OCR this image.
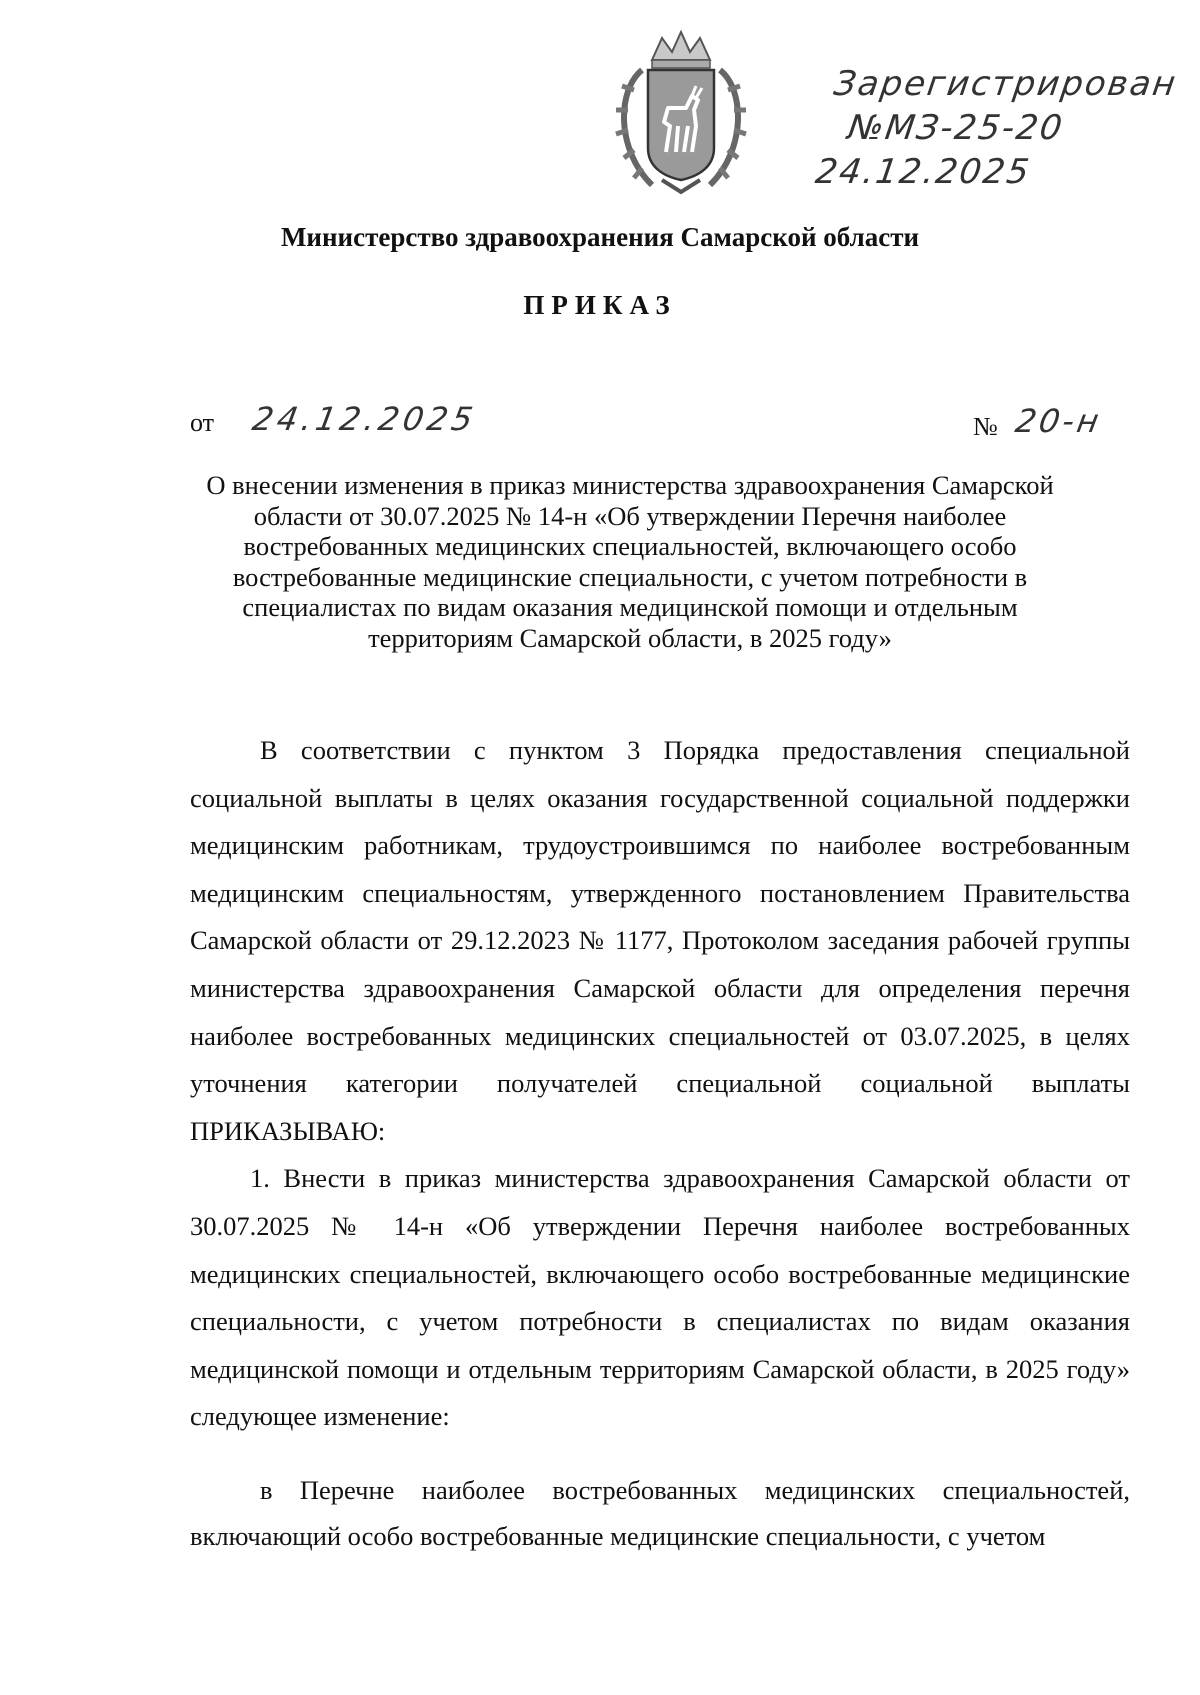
Зарегистрирован
№МЗ-25-20
24.12.2025
Министерство здравоохранения Самарской области
ПРИКАЗ
от 24.12.2025	№ 20-н
О внесении изменения в приказ министерства здравоохранения Самарской
области от 30.07.2025 № 14-н «Об утверждении Перечня наиболее
востребованных медицинских специальностей, включающего особо
востребованные медицинские специальности, с учетом потребности в
специалистах по видам оказания медицинской помощи и отдельным
территориям Самарской области, в 2025 году»

В соответствии с пунктом 3 Порядка предоставления специальной социальной выплаты в целях оказания государственной социальной поддержки медицинским работникам, трудоустроившимся по наиболее востребованным медицинским специальностям, утвержденного постановлением Правительства Самарской области от 29.12.2023 № 1177, Протоколом заседания рабочей группы министерства здравоохранения Самарской области для определения перечня наиболее востребованных медицинских специальностей от 03.07.2025, в целях уточнения категории получателей специальной социальной выплаты ПРИКАЗЫВАЮ:

1. Внести в приказ министерства здравоохранения Самарской области от 30.07.2025 № 14-н «Об утверждении Перечня наиболее востребованных медицинских специальностей, включающего особо востребованные медицинские специальности, с учетом потребности в специалистах по видам оказания медицинской помощи и отдельным территориям Самарской области, в 2025 году» следующее изменение:

в Перечне наиболее востребованных медицинских специальностей, включающий особо востребованные медицинские специальности, с учетом
